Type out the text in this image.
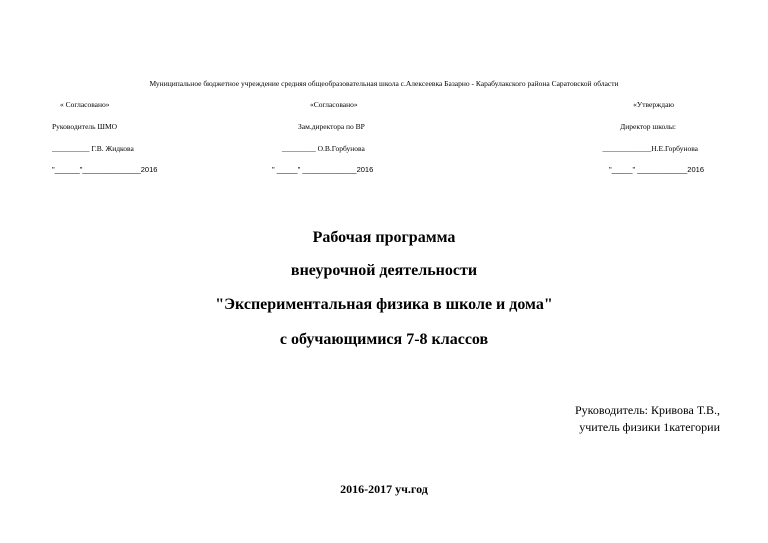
Муниципальное бюджетное учреждение средняя общеобразовательная школа с.Алексеевка Базарно - Карабулакского района Саратовской области
« Согласовано»
Руководитель ШМО
__________ Г.В. Жидкова
"______"______________2016
«Согласовано»
Зам.директора по ВР
_________ О.В.Горбунова
" _____" _____________2016
«Утверждаю
Директор школы:
_____________Н.Е.Горбунова
"_____" ____________2016
Рабочая программа
внеурочной деятельности
"Экспериментальная физика в школе и дома"
с обучающимися 7-8 классов
Руководитель: Кривова Т.В.,
учитель физики 1категории
2016-2017 уч.год
